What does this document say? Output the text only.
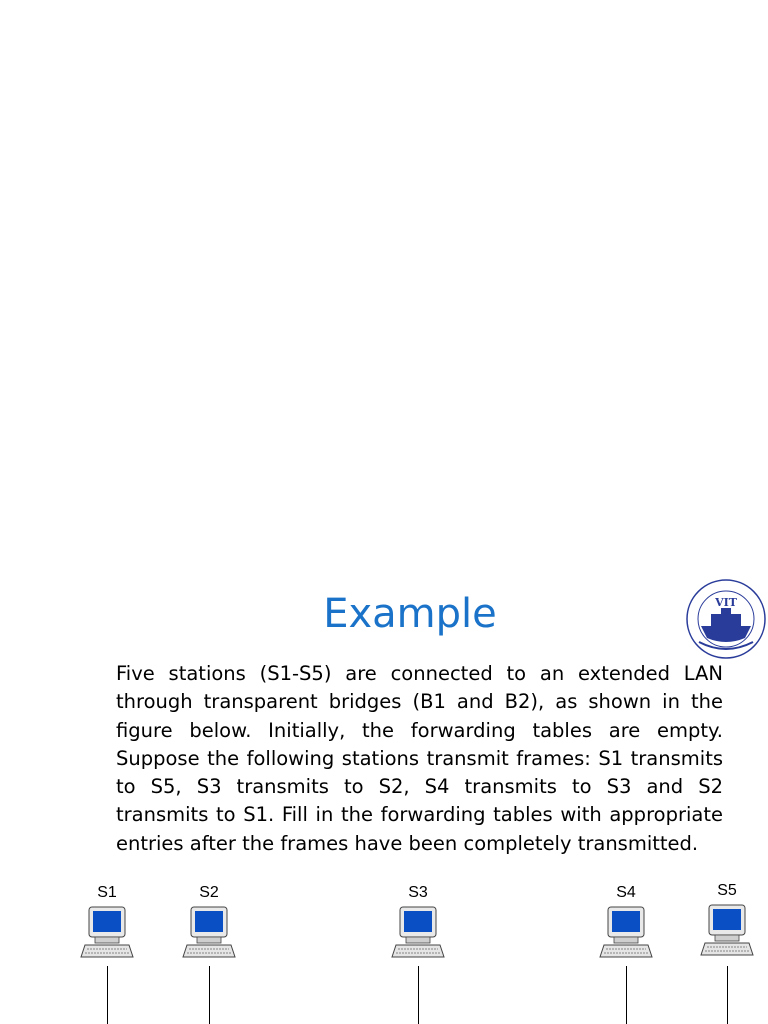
Example	VIT
Five stations (S1-S5) are connected to an extended LAN through transparent bridges (B1 and B2), as shown in the figure below. Initially, the forwarding tables are empty. Suppose the following stations transmit frames: S1 transmits to S5, S3 transmits to S2, S4 transmits to S3 and S2 transmits to S1. Fill in the forwarding tables with appropriate entries after the frames have been completely transmitted.
S1	S2	S3	S4	S5
